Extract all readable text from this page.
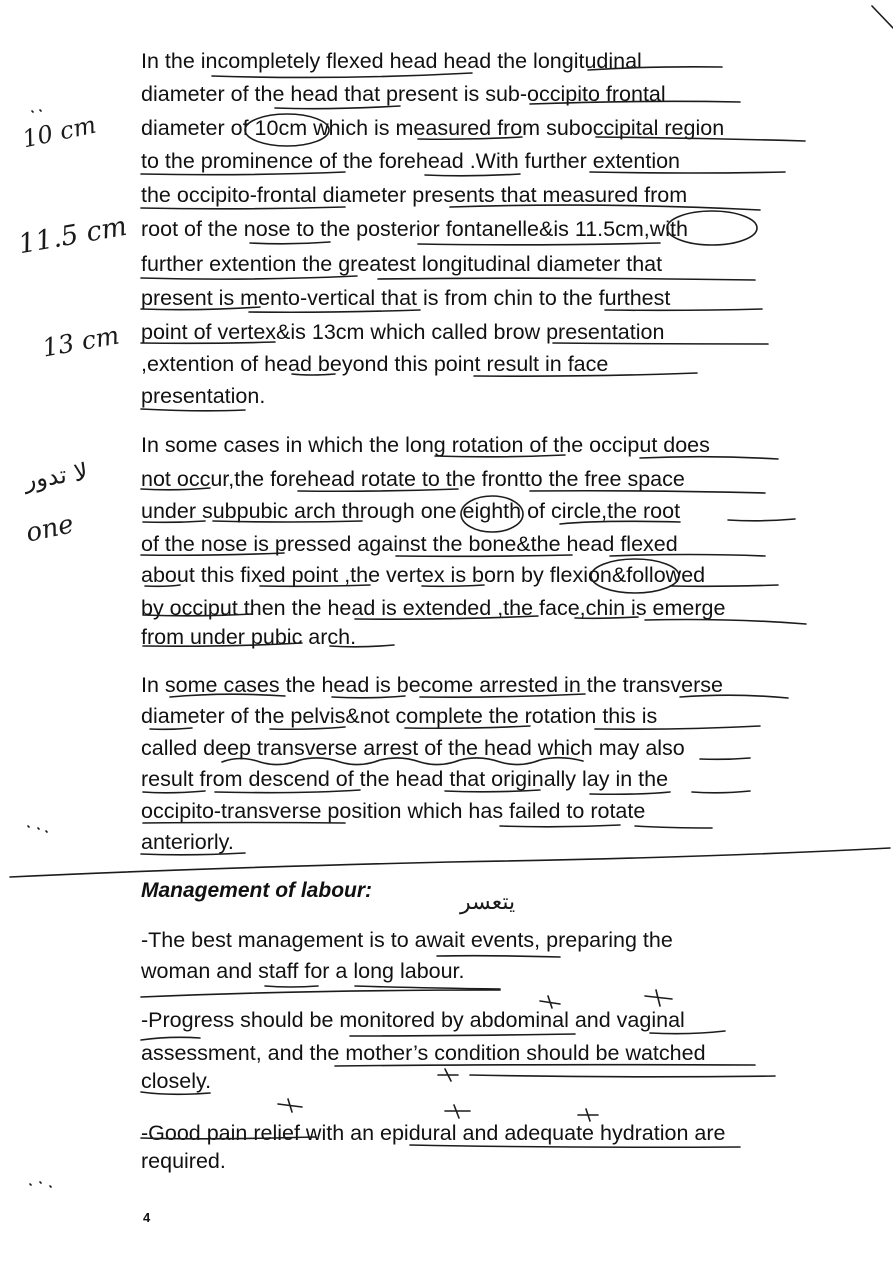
In the incompletely flexed head head the longitudinal
diameter of the head that present is sub-occipito frontal
diameter of 10cm which is measured from suboccipital region
to the prominence of the forehead .With further extention
the occipito-frontal diameter presents that measured from
root of the nose to the posterior fontanelle&is 11.5cm,with
further extention the greatest longitudinal diameter that
present is mento-vertical that is from chin to the furthest
point of vertex&is 13cm which called brow presentation
,extention of head beyond this point result in face
presentation.
In some cases in which the long rotation of the occiput does
not occur,the forehead rotate to the frontto the free space
under subpubic arch through one eighth of circle,the root
of the nose is pressed against the bone&the head flexed
about this fixed point ,the vertex is born by flexion&followed
by occiput then the head is extended ,the face,chin is emerge
from under pubic arch.
In some cases the head is become arrested in the transverse
diameter of the pelvis&not complete the rotation this is
called deep transverse arrest of the head which may also
result from descend of the head that originally lay in the
occipito-transverse position which has failed to rotate
anteriorly.
Management of labour:
-The best management is to await events, preparing the
woman and staff for a long labour.
-Progress should be monitored by abdominal and vaginal
assessment, and the mother’s condition should be watched
closely.
-Good pain relief with an epidural and adequate hydration are
required.
4
10 cm
11.5 cm
13 cm
one
لا تدور
يتعسر
